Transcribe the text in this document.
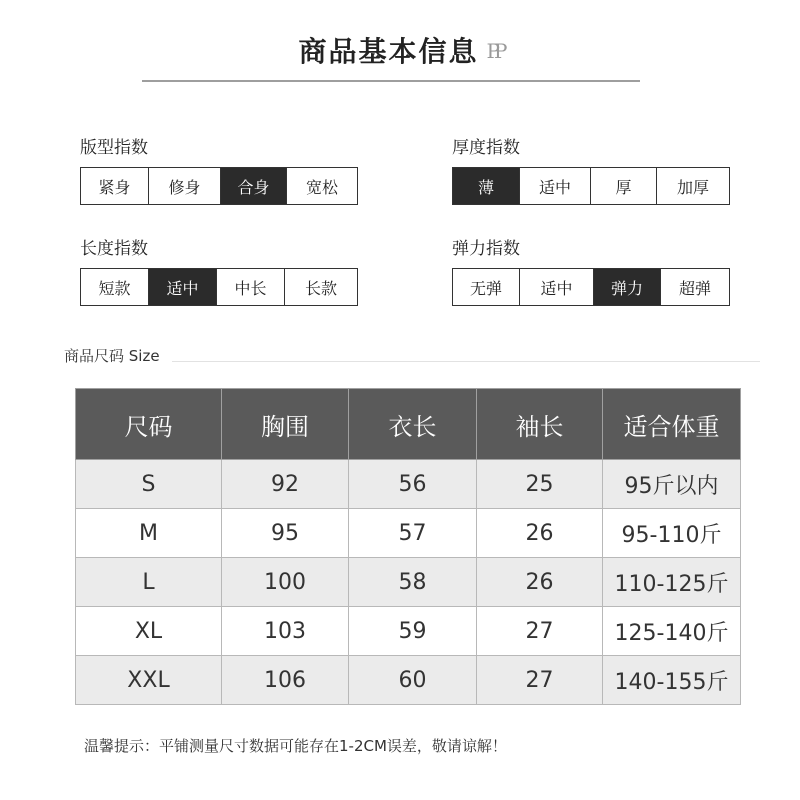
商品基本信息 PP
版型指数
紧身	修身	合身	宽松
厚度指数
薄	适中	厚	加厚
长度指数
短款	适中	中长	长款
弹力指数
无弹	适中	弹力	超弹
商品尺码 Size
尺码	胸围	衣长	袖长	适合体重
S	92	56	25	95斤以内
M	95	57	26	95-110斤
L	100	58	26	110-125斤
XL	103	59	27	125-140斤
XXL	106	60	27	140-155斤
温馨提示：平铺测量尺寸数据可能存在1-2CM误差，敬请谅解！
